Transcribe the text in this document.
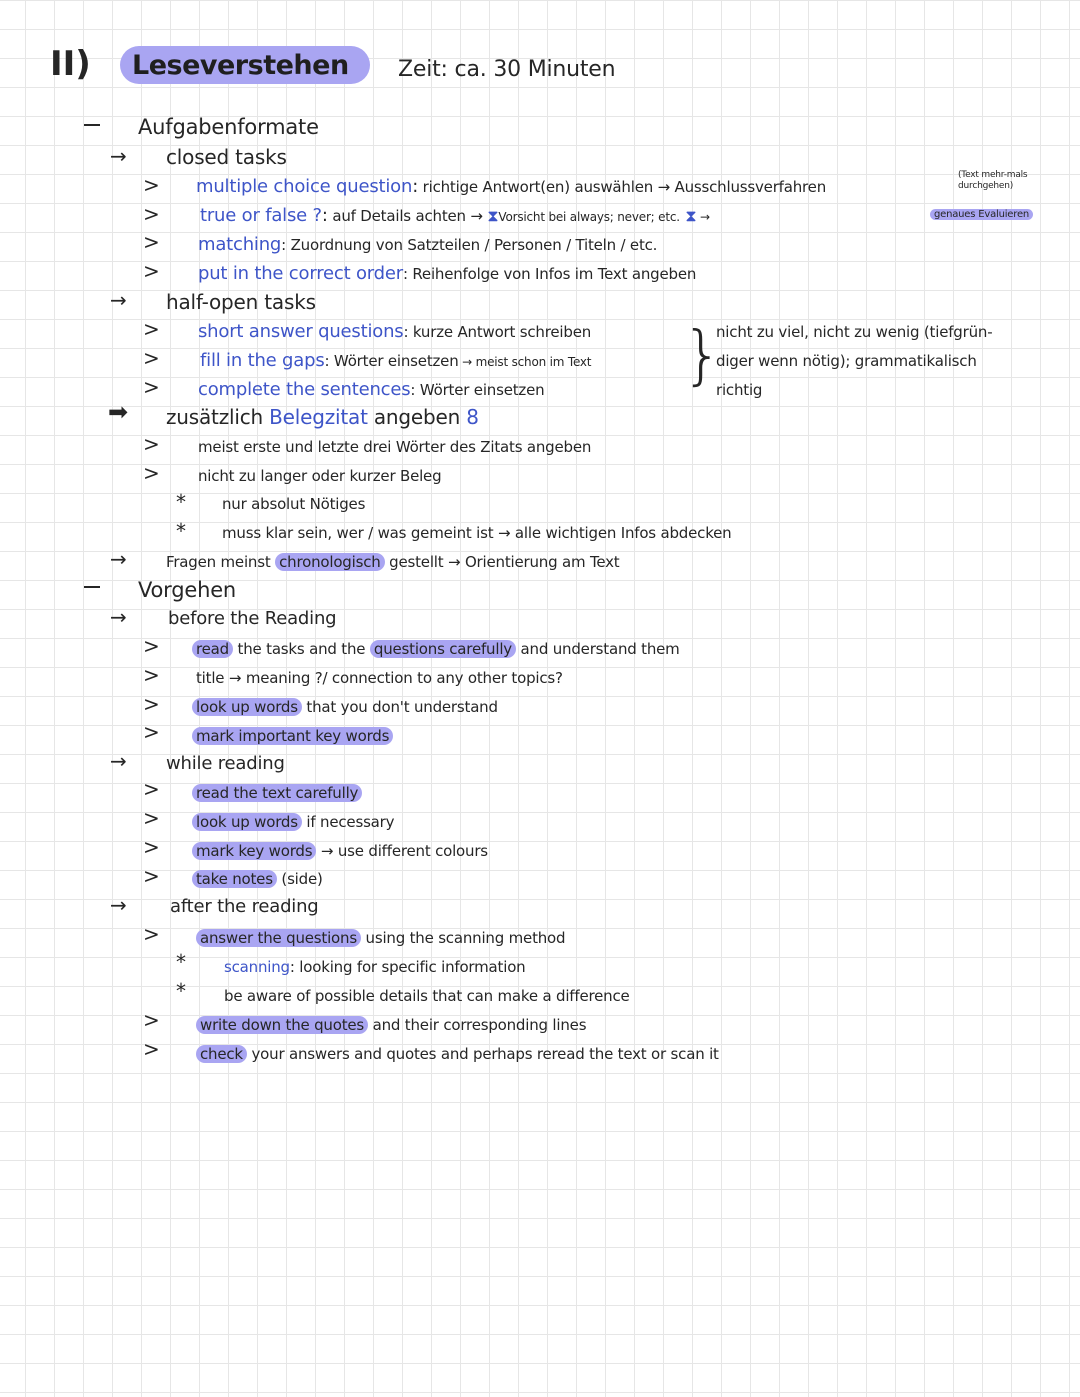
II) Leseverstehen Zeit: ca. 30 Minuten
Aufgabenformate
→ closed tasks
> multiple choice question: richtige Antwort(en) auswählen → Ausschlussverfahren
(Text mehr-mals durchgehen)
> true or false ?: auf Details achten → ⧗Vorsicht bei always; never; etc. ⧗ →	genaues Evaluieren
> matching: Zuordnung von Satzteilen / Personen / Titeln / etc.
> put in the correct order: Reihenfolge von Infos im Text angeben
→ half-open tasks
> short answer questions: kurze Antwort schreiben
> fill in the gaps: Wörter einsetzen → meist schon im Text
> complete the sentences: Wörter einsetzen }
nicht zu viel, nicht zu wenig (tiefgrün-
diger wenn nötig); grammatikalisch
richtig
➡ zusätzlich Belegzitat angeben 8
>	meist erste und letzte drei Wörter des Zitats angeben
>	nicht zu langer oder kurzer Beleg
* nur absolut Nötiges
* muss klar sein, wer / was gemeint ist → alle wichtigen Infos abdecken
→	Fragen meinst chronologisch gestellt → Orientierung am Text
Vorgehen
→ before the Reading
> read the tasks and the questions carefully and understand them
> title → meaning ?/ connection to any other topics?
> look up words that you don't understand
> mark important key words
→ while reading
> read the text carefully
> look up words if necessary
> mark key words → use different colours
> take notes (side)
→ after the reading
>	answer the questions using the scanning method
*	scanning: looking for specific information
*	be aware of possible details that can make a difference
>	write down the quotes and their corresponding lines
>	check your answers and quotes and perhaps reread the text or scan it
